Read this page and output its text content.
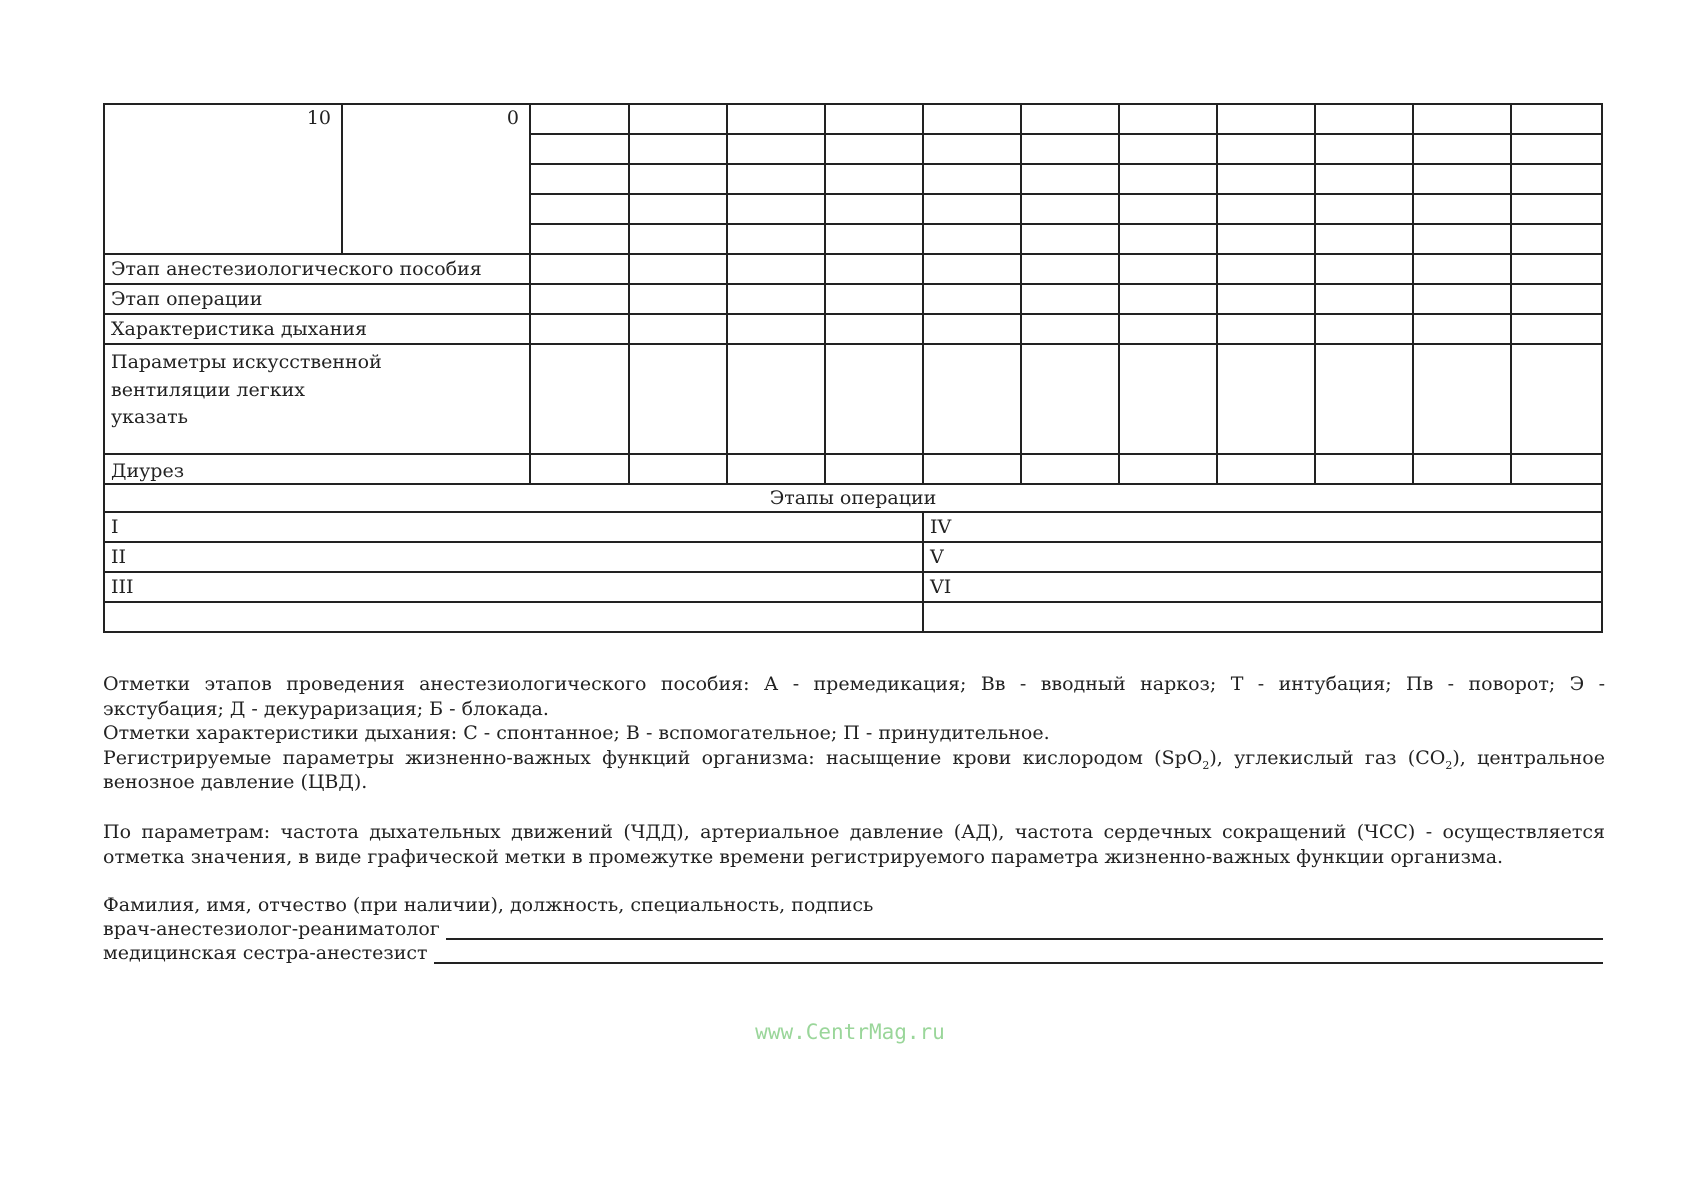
10	0											

Этап анестезиологического пособия												
Этап операции												
Характеристика дыхания												

Параметры искусственной
вентиляции легких
указать												

Диурез												
Этапы операции												
I						IV						
II						V						
III						VI						

Отметки этапов проведения анестезиологического пособия: А - премедикация; Вв - вводный наркоз; Т - интубация; Пв - поворот; Э -

экстубация; Д - декураризация; Б - блокада.

Отметки характеристики дыхания: С - спонтанное; В - вспомогательное; П - принудительное.

Регистрируемые параметры жизненно-важных функций организма: насыщение крови кислородом (SpO$_2$), углекислый газ $(CO_2)$, центральное

венозное давление (ЦВД).

По параметрам: частота дыхательных движений (ЧДД), артериальное давление (АД), частота сердечных сокращений (ЧСС) - осуществляется

отметка значения, в виде графической метки в промежутке времени регистрируемого параметра жизненно-важных функции организма.

Фамилия, имя, отчество (при наличии), должность, специальность, подпись
врач-анестезиолог-реаниматолог
медицинская сестра-анестезист
www.CentrMag.ru
